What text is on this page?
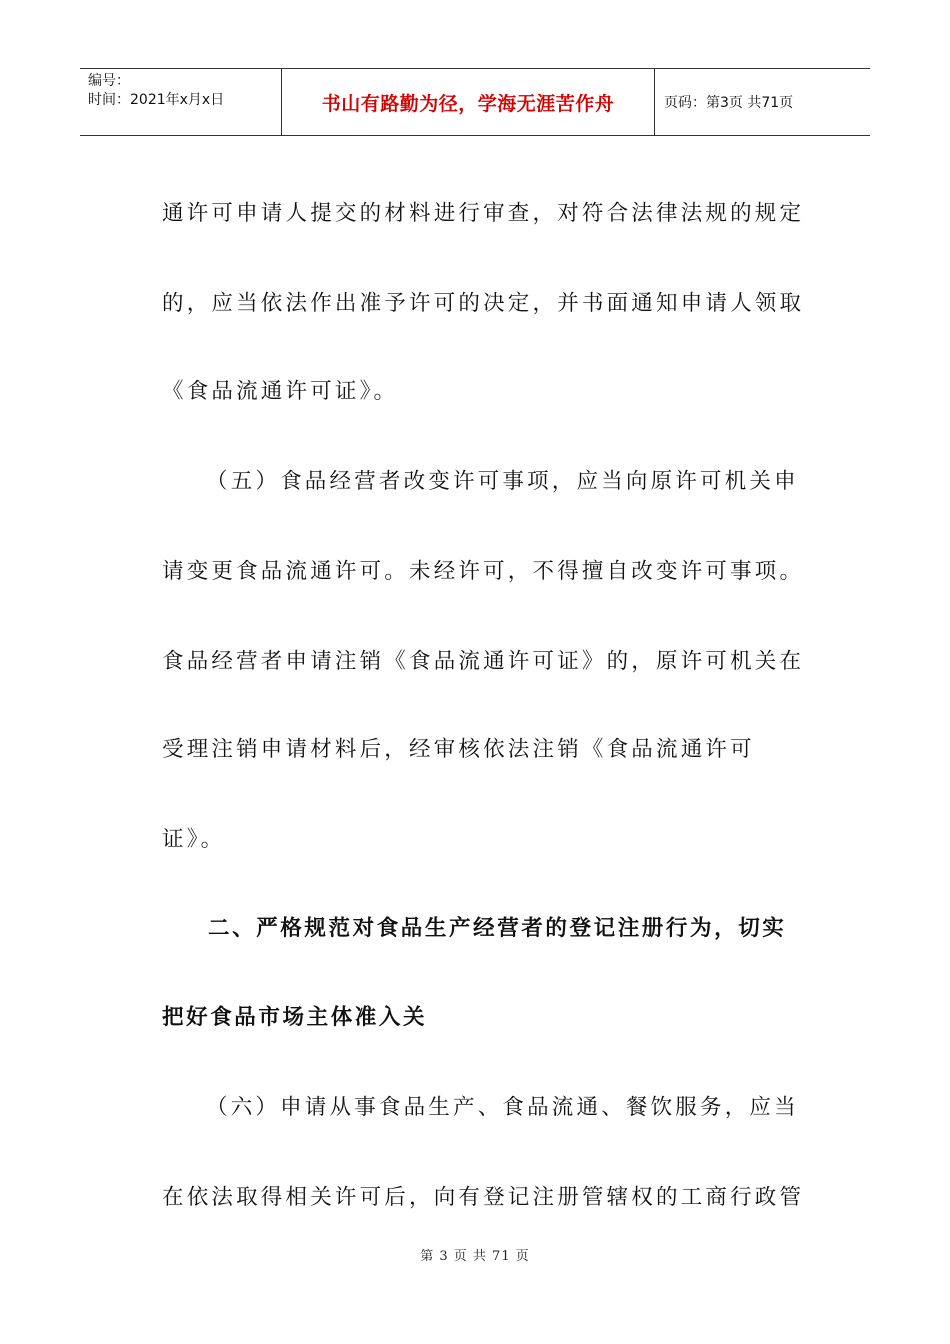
编号：
时间：2021年x月x日	书山有路勤为径，学海无涯苦作舟	页码：第3页 共71页
通许可申请人提交的材料进行审查，对符合法律法规的规定
的，应当依法作出准予许可的决定，并书面通知申请人领取
《食品流通许可证》。
（五）食品经营者改变许可事项，应当向原许可机关申
请变更食品流通许可。未经许可，不得擅自改变许可事项。
食品经营者申请注销《食品流通许可证》的，原许可机关在
受理注销申请材料后，经审核依法注销《食品流通许可
证》。
二、严格规范对食品生产经营者的登记注册行为，切实
把好食品市场主体准入关
（六）申请从事食品生产、食品流通、餐饮服务，应当
在依法取得相关许可后，向有登记注册管辖权的工商行政管
第 3 页 共 71 页
